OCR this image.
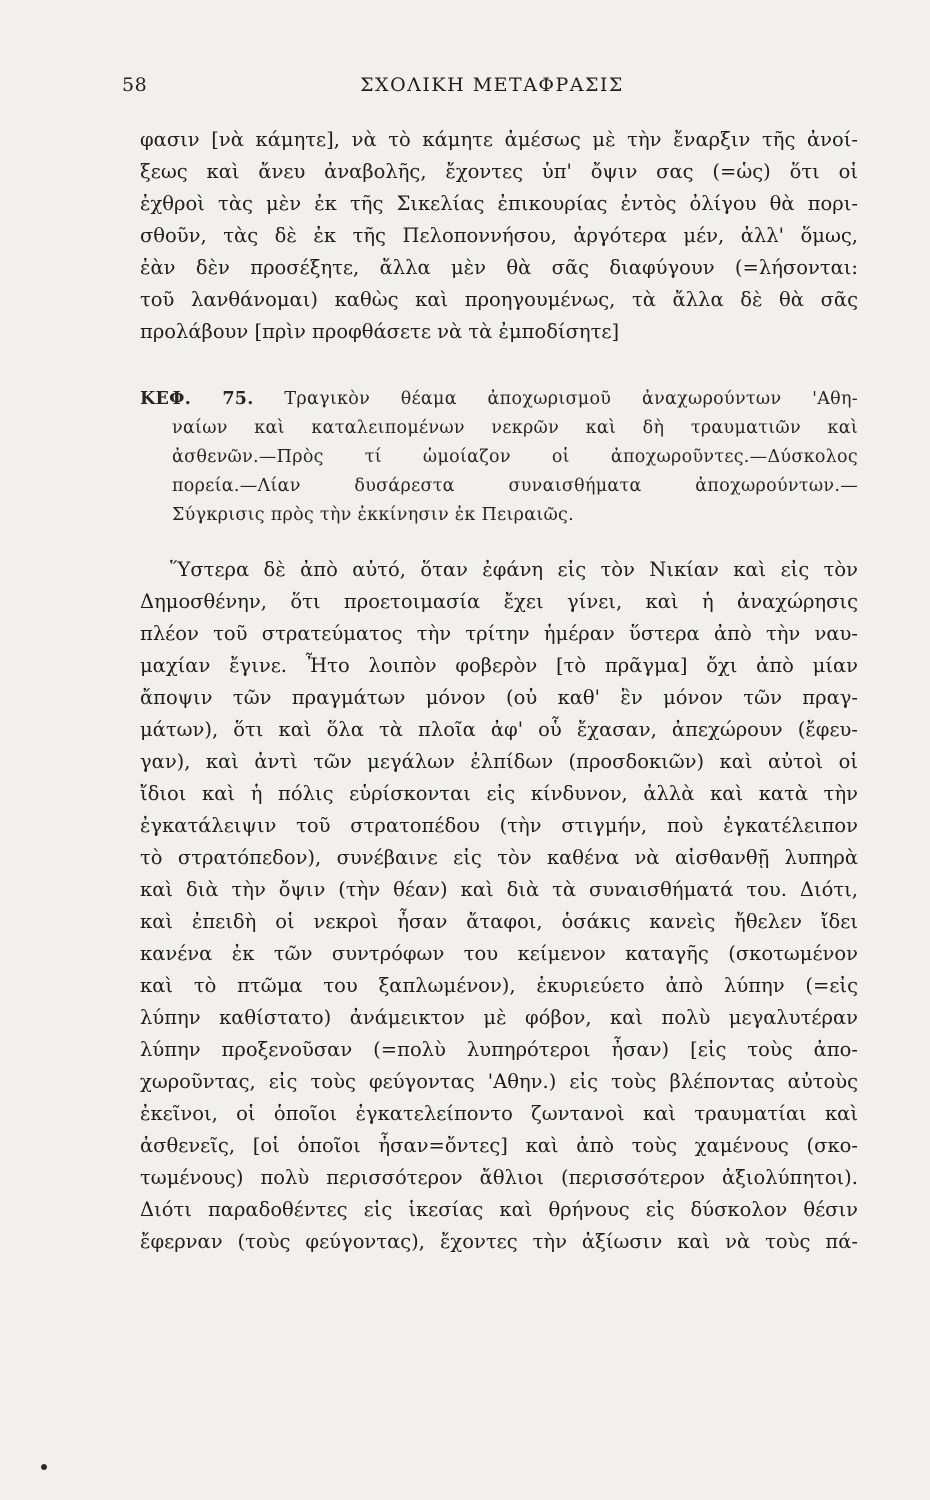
58	ΣΧΟΛΙΚΗ ΜΕΤΑΦΡΑΣΙΣ
φασιν [νὰ κάμητε], νὰ τὸ κάμητε ἀμέσως μὲ τὴν ἔναρξιν τῆς ἀνοί-
ξεως καὶ ἄνευ ἀναβολῆς, ἔχοντες ὑπ' ὄψιν σας (=ὡς) ὅτι οἱ
ἐχθροὶ τὰς μὲν ἐκ τῆς Σικελίας ἐπικουρίας ἐντὸς ὀλίγου θὰ πορι-
σθοῦν, τὰς δὲ ἐκ τῆς Πελοποννήσου, ἀργότερα μέν, ἀλλ' ὅμως,
ἐὰν δὲν προσέξητε, ἄλλα μὲν θὰ σᾶς διαφύγουν (=λήσονται:
τοῦ λανθάνομαι) καθὼς καὶ προηγουμένως, τὰ ἄλλα δὲ θὰ σᾶς
προλάβουν [πρὶν προφθάσετε νὰ τὰ ἐμποδίσητε]
ΚΕΦ. 75. Τραγικὸν θέαμα ἀποχωρισμοῦ ἀναχωρούντων 'Αθη-
ναίων καὶ καταλειπομένων νεκρῶν καὶ δὴ τραυματιῶν καὶ
ἀσθενῶν.—Πρὸς τί ὡμοίαζον οἱ ἀποχωροῦντες.—Δύσκολος
πορεία.—Λίαν δυσάρεστα συναισθήματα ἀποχωρούντων.—
Σύγκρισις πρὸς τὴν ἐκκίνησιν ἐκ Πειραιῶς.
Ὕστερα δὲ ἀπὸ αὐτό, ὅταν ἐφάνη εἰς τὸν Νικίαν καὶ εἰς τὸν
Δημοσθένην, ὅτι προετοιμασία ἔχει γίνει, καὶ ἡ ἀναχώρησις
πλέον τοῦ στρατεύματος τὴν τρίτην ἡμέραν ὕστερα ἀπὸ τὴν ναυ-
μαχίαν ἔγινε. Ἦτο λοιπὸν φοβερὸν [τὸ πρᾶγμα] ὄχι ἀπὸ μίαν
ἄποψιν τῶν πραγμάτων μόνον (οὐ καθ' ἓν μόνον τῶν πραγ-
μάτων), ὅτι καὶ ὅλα τὰ πλοῖα ἀφ' οὗ ἔχασαν, ἀπεχώρουν (ἔφευ-
γαν), καὶ ἀντὶ τῶν μεγάλων ἐλπίδων (προσδοκιῶν) καὶ αὐτοὶ οἱ
ἴδιοι καὶ ἡ πόλις εὑρίσκονται εἰς κίνδυνον, ἀλλὰ καὶ κατὰ τὴν
ἐγκατάλειψιν τοῦ στρατοπέδου (τὴν στιγμήν, ποὺ ἐγκατέλειπον
τὸ στρατόπεδον), συνέβαινε εἰς τὸν καθένα νὰ αἰσθανθῇ λυπηρὰ
καὶ διὰ τὴν ὄψιν (τὴν θέαν) καὶ διὰ τὰ συναισθήματά του. Διότι,
καὶ ἐπειδὴ οἱ νεκροὶ ἦσαν ἄταφοι, ὁσάκις κανεὶς ἤθελεν ἴδει
κανένα ἐκ τῶν συντρόφων του κείμενον καταγῆς (σκοτωμένον
καὶ τὸ πτῶμα του ξαπλωμένον), ἐκυριεύετο ἀπὸ λύπην (=εἰς
λύπην καθίστατο) ἀνάμεικτον μὲ φόβον, καὶ πολὺ μεγαλυτέραν
λύπην προξενοῦσαν (=πολὺ λυπηρότεροι ἦσαν) [εἰς τοὺς ἀπο-
χωροῦντας, εἰς τοὺς φεύγοντας 'Αθην.) εἰς τοὺς βλέποντας αὐτοὺς
ἐκεῖνοι, οἱ ὁποῖοι ἐγκατελείποντο ζωντανοὶ καὶ τραυματίαι καὶ
ἀσθενεῖς, [οἱ ὁποῖοι ἦσαν=ὄντες] καὶ ἀπὸ τοὺς χαμένους (σκο-
τωμένους) πολὺ περισσότερον ἄθλιοι (περισσότερον ἀξιολύπητοι).
Διότι παραδοθέντες εἰς ἱκεσίας καὶ θρήνους εἰς δύσκολον θέσιν
ἔφερναν (τοὺς φεύγοντας), ἔχοντες τὴν ἀξίωσιν καὶ νὰ τοὺς πά-
